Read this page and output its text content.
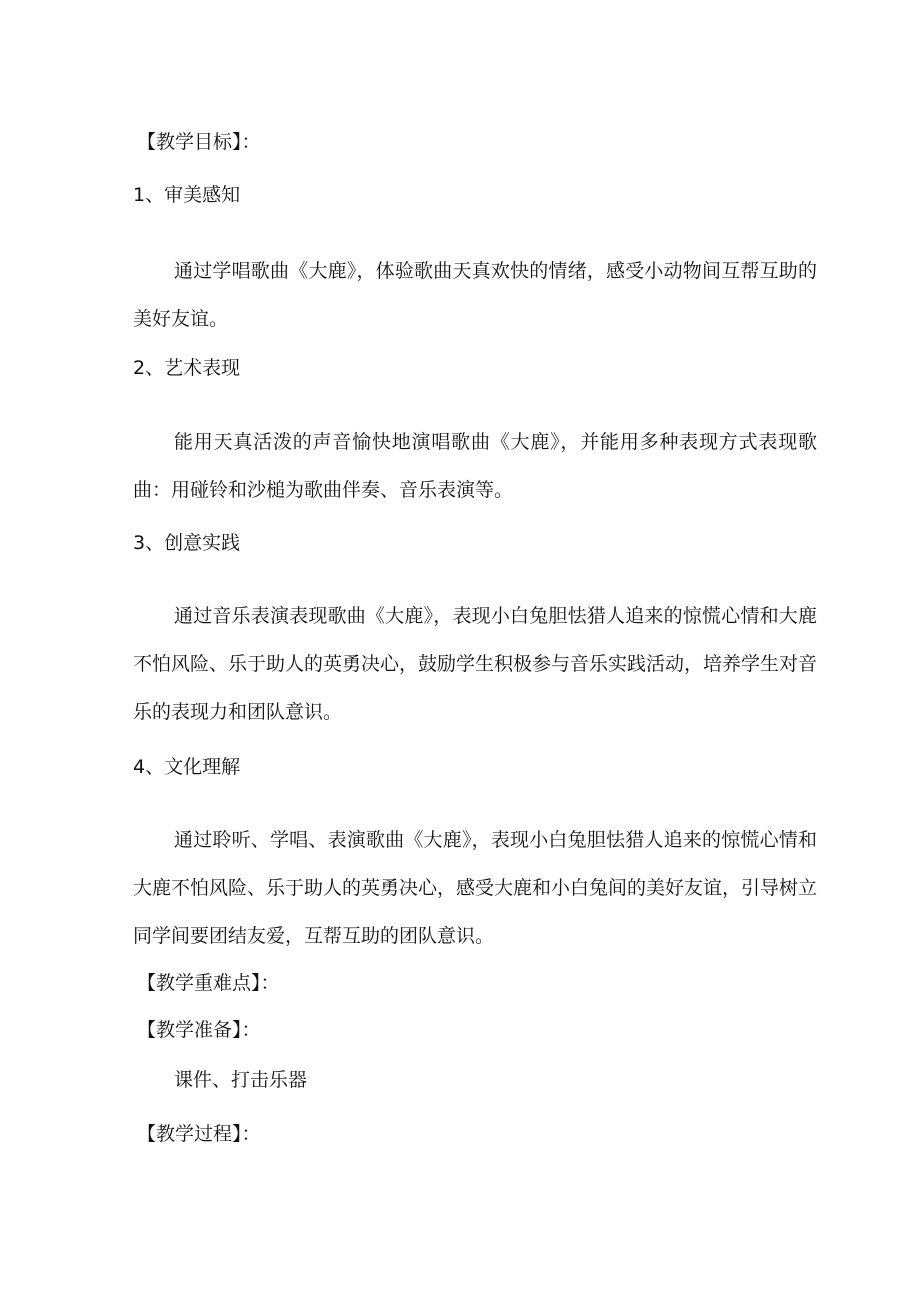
【教学目标】：
1、审美感知
通过学唱歌曲《大鹿》，体验歌曲天真欢快的情绪，感受小动物间互帮互助的美好友谊。
2、艺术表现
能用天真活泼的声音愉快地演唱歌曲《大鹿》，并能用多种表现方式表现歌曲：用碰铃和沙槌为歌曲伴奏、音乐表演等。
3、创意实践
通过音乐表演表现歌曲《大鹿》，表现小白兔胆怯猎人追来的惊慌心情和大鹿不怕风险、乐于助人的英勇决心，鼓励学生积极参与音乐实践活动，培养学生对音乐的表现力和团队意识。
4、文化理解
通过聆听、学唱、表演歌曲《大鹿》，表现小白兔胆怯猎人追来的惊慌心情和大鹿不怕风险、乐于助人的英勇决心，感受大鹿和小白兔间的美好友谊，引导树立同学间要团结友爱，互帮互助的团队意识。
【教学重难点】：
【教学准备】：
课件、打击乐器
【教学过程】：
